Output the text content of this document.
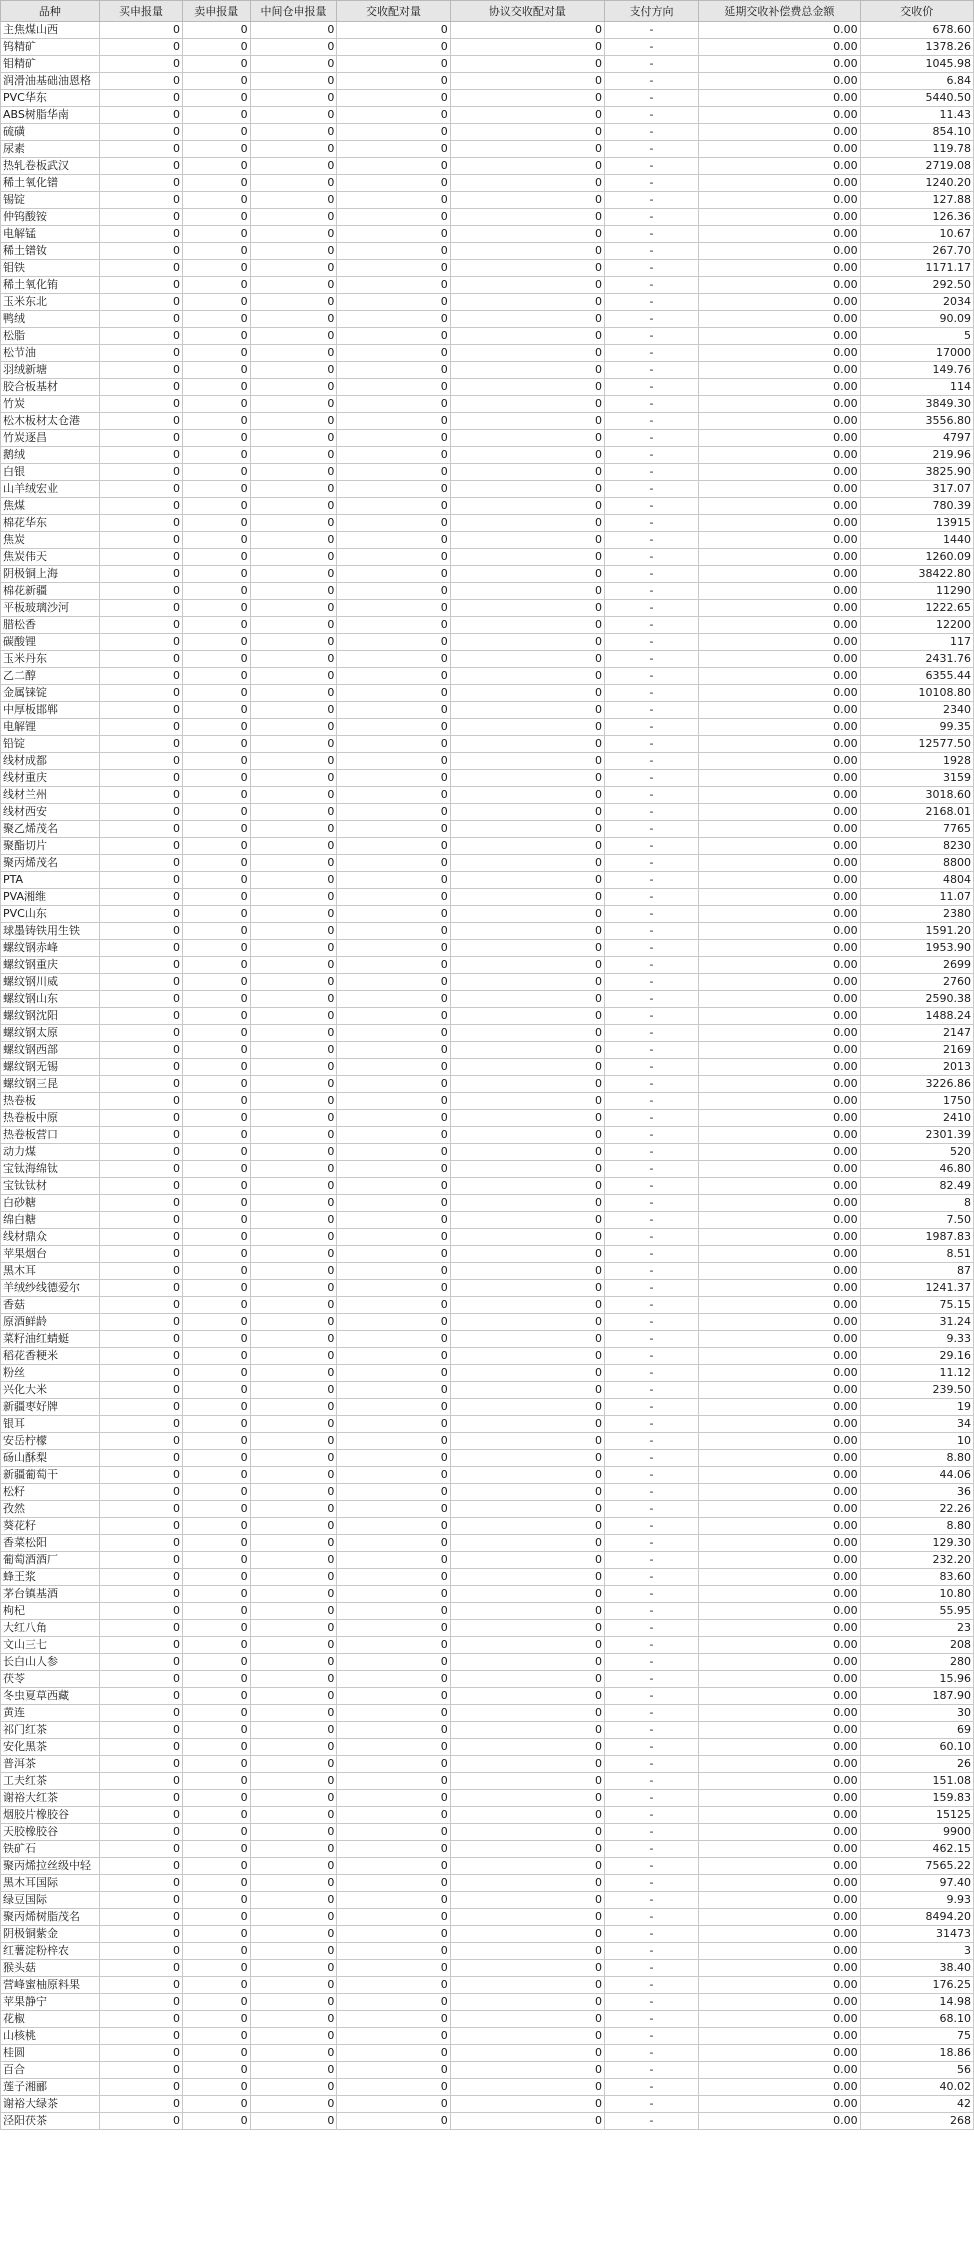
品种	买申报量	卖申报量	中间仓申报量	交收配对量	协议交收配对量	支付方向	延期交收补偿费总金额	交收价
主焦煤山西	0	0	0	0	0	-	0.00	678.60
钨精矿	0	0	0	0	0	-	0.00	1378.26
钼精矿	0	0	0	0	0	-	0.00	1045.98
润滑油基础油恩格	0	0	0	0	0	-	0.00	6.84
PVC华东	0	0	0	0	0	-	0.00	5440.50
ABS树脂华南	0	0	0	0	0	-	0.00	11.43
硫磺	0	0	0	0	0	-	0.00	854.10
尿素	0	0	0	0	0	-	0.00	119.78
热轧卷板武汉	0	0	0	0	0	-	0.00	2719.08
稀土氧化镨	0	0	0	0	0	-	0.00	1240.20
锡锭	0	0	0	0	0	-	0.00	127.88
仲钨酸铵	0	0	0	0	0	-	0.00	126.36
电解锰	0	0	0	0	0	-	0.00	10.67
稀土镨钕	0	0	0	0	0	-	0.00	267.70
钼铁	0	0	0	0	0	-	0.00	1171.17
稀土氧化铕	0	0	0	0	0	-	0.00	292.50
玉米东北	0	0	0	0	0	-	0.00	2034
鸭绒	0	0	0	0	0	-	0.00	90.09
松脂	0	0	0	0	0	-	0.00	5
松节油	0	0	0	0	0	-	0.00	17000
羽绒新塘	0	0	0	0	0	-	0.00	149.76
胶合板基材	0	0	0	0	0	-	0.00	114
竹炭	0	0	0	0	0	-	0.00	3849.30
松木板材太仓港	0	0	0	0	0	-	0.00	3556.80
竹炭逐昌	0	0	0	0	0	-	0.00	4797
鹅绒	0	0	0	0	0	-	0.00	219.96
白银	0	0	0	0	0	-	0.00	3825.90
山羊绒宏业	0	0	0	0	0	-	0.00	317.07
焦煤	0	0	0	0	0	-	0.00	780.39
棉花华东	0	0	0	0	0	-	0.00	13915
焦炭	0	0	0	0	0	-	0.00	1440
焦炭伟天	0	0	0	0	0	-	0.00	1260.09
阴极铜上海	0	0	0	0	0	-	0.00	38422.80
棉花新疆	0	0	0	0	0	-	0.00	11290
平板玻璃沙河	0	0	0	0	0	-	0.00	1222.65
腊松香	0	0	0	0	0	-	0.00	12200
碳酸锂	0	0	0	0	0	-	0.00	117
玉米丹东	0	0	0	0	0	-	0.00	2431.76
乙二醇	0	0	0	0	0	-	0.00	6355.44
金属铼锭	0	0	0	0	0	-	0.00	10108.80
中厚板邯郸	0	0	0	0	0	-	0.00	2340
电解锂	0	0	0	0	0	-	0.00	99.35
铅锭	0	0	0	0	0	-	0.00	12577.50
线材成都	0	0	0	0	0	-	0.00	1928
线材重庆	0	0	0	0	0	-	0.00	3159
线材兰州	0	0	0	0	0	-	0.00	3018.60
线材西安	0	0	0	0	0	-	0.00	2168.01
聚乙烯茂名	0	0	0	0	0	-	0.00	7765
聚酯切片	0	0	0	0	0	-	0.00	8230
聚丙烯茂名	0	0	0	0	0	-	0.00	8800
PTA	0	0	0	0	0	-	0.00	4804
PVA湘维	0	0	0	0	0	-	0.00	11.07
PVC山东	0	0	0	0	0	-	0.00	2380
球墨铸铁用生铁	0	0	0	0	0	-	0.00	1591.20
螺纹钢赤峰	0	0	0	0	0	-	0.00	1953.90
螺纹钢重庆	0	0	0	0	0	-	0.00	2699
螺纹钢川威	0	0	0	0	0	-	0.00	2760
螺纹钢山东	0	0	0	0	0	-	0.00	2590.38
螺纹钢沈阳	0	0	0	0	0	-	0.00	1488.24
螺纹钢太原	0	0	0	0	0	-	0.00	2147
螺纹钢西部	0	0	0	0	0	-	0.00	2169
螺纹钢无锡	0	0	0	0	0	-	0.00	2013
螺纹钢三昆	0	0	0	0	0	-	0.00	3226.86
热卷板	0	0	0	0	0	-	0.00	1750
热卷板中原	0	0	0	0	0	-	0.00	2410
热卷板营口	0	0	0	0	0	-	0.00	2301.39
动力煤	0	0	0	0	0	-	0.00	520
宝钛海绵钛	0	0	0	0	0	-	0.00	46.80
宝钛钛材	0	0	0	0	0	-	0.00	82.49
白砂糖	0	0	0	0	0	-	0.00	8
绵白糖	0	0	0	0	0	-	0.00	7.50
线材鼎众	0	0	0	0	0	-	0.00	1987.83
苹果烟台	0	0	0	0	0	-	0.00	8.51
黑木耳	0	0	0	0	0	-	0.00	87
羊绒纱线德爱尔	0	0	0	0	0	-	0.00	1241.37
香菇	0	0	0	0	0	-	0.00	75.15
原酒鲜龄	0	0	0	0	0	-	0.00	31.24
菜籽油红蜻蜓	0	0	0	0	0	-	0.00	9.33
稻花香粳米	0	0	0	0	0	-	0.00	29.16
粉丝	0	0	0	0	0	-	0.00	11.12
兴化大米	0	0	0	0	0	-	0.00	239.50
新疆枣好牌	0	0	0	0	0	-	0.00	19
银耳	0	0	0	0	0	-	0.00	34
安岳柠檬	0	0	0	0	0	-	0.00	10
砀山酥梨	0	0	0	0	0	-	0.00	8.80
新疆葡萄干	0	0	0	0	0	-	0.00	44.06
松籽	0	0	0	0	0	-	0.00	36
孜然	0	0	0	0	0	-	0.00	22.26
葵花籽	0	0	0	0	0	-	0.00	8.80
香菜松阳	0	0	0	0	0	-	0.00	129.30
葡萄酒酒厂	0	0	0	0	0	-	0.00	232.20
蜂王浆	0	0	0	0	0	-	0.00	83.60
茅台镇基酒	0	0	0	0	0	-	0.00	10.80
枸杞	0	0	0	0	0	-	0.00	55.95
大红八角	0	0	0	0	0	-	0.00	23
文山三七	0	0	0	0	0	-	0.00	208
长白山人参	0	0	0	0	0	-	0.00	280
茯苓	0	0	0	0	0	-	0.00	15.96
冬虫夏草西藏	0	0	0	0	0	-	0.00	187.90
黄连	0	0	0	0	0	-	0.00	30
祁门红茶	0	0	0	0	0	-	0.00	69
安化黑茶	0	0	0	0	0	-	0.00	60.10
普洱茶	0	0	0	0	0	-	0.00	26
工夫红茶	0	0	0	0	0	-	0.00	151.08
谢裕大红茶	0	0	0	0	0	-	0.00	159.83
烟胶片橡胶谷	0	0	0	0	0	-	0.00	15125
天胶橡胶谷	0	0	0	0	0	-	0.00	9900
铁矿石	0	0	0	0	0	-	0.00	462.15
聚丙烯拉丝级中轻	0	0	0	0	0	-	0.00	7565.22
黑木耳国际	0	0	0	0	0	-	0.00	97.40
绿豆国际	0	0	0	0	0	-	0.00	9.93
聚丙烯树脂茂名	0	0	0	0	0	-	0.00	8494.20
阴极铜紫金	0	0	0	0	0	-	0.00	31473
红薯淀粉梓农	0	0	0	0	0	-	0.00	3
猴头菇	0	0	0	0	0	-	0.00	38.40
营峰蜜柚原料果	0	0	0	0	0	-	0.00	176.25
苹果静宁	0	0	0	0	0	-	0.00	14.98
花椒	0	0	0	0	0	-	0.00	68.10
山核桃	0	0	0	0	0	-	0.00	75
桂圆	0	0	0	0	0	-	0.00	18.86
百合	0	0	0	0	0	-	0.00	56
莲子湘郦	0	0	0	0	0	-	0.00	40.02
谢裕大绿茶	0	0	0	0	0	-	0.00	42
泾阳茯茶	0	0	0	0	0	-	0.00	268
